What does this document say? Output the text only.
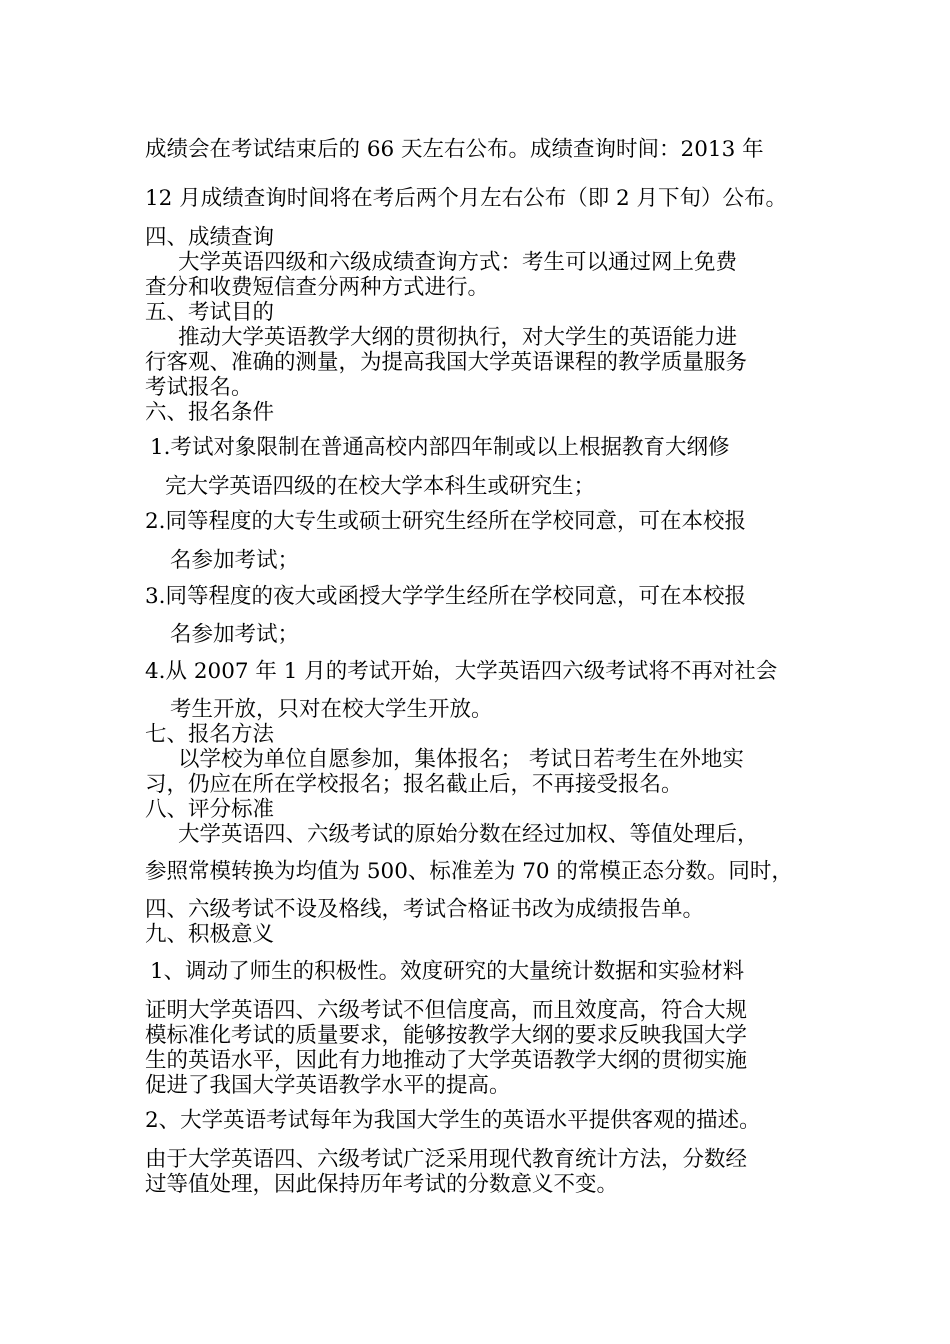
成绩会在考试结束后的 66 天左右公布。成绩查询时间：2013 年
12 月成绩查询时间将在考后两个月左右公布（即 2 月下旬）公布。
四、成绩查询
大学英语四级和六级成绩查询方式：考生可以通过网上免费
查分和收费短信查分两种方式进行。
五、考试目的
推动大学英语教学大纲的贯彻执行，对大学生的英语能力进
行客观、准确的测量，为提高我国大学英语课程的教学质量服务
考试报名。
六、报名条件
1.考试对象限制在普通高校内部四年制或以上根据教育大纲修
完大学英语四级的在校大学本科生或研究生；
2.同等程度的大专生或硕士研究生经所在学校同意，可在本校报
名参加考试；
3.同等程度的夜大或函授大学学生经所在学校同意，可在本校报
名参加考试；
4.从 2007 年 1 月的考试开始，大学英语四六级考试将不再对社会
考生开放，只对在校大学生开放。
七、报名方法
以学校为单位自愿参加，集体报名； 考试日若考生在外地实
习，仍应在所在学校报名；报名截止后，不再接受报名。
八、评分标准
大学英语四、六级考试的原始分数在经过加权、等值处理后，
参照常模转换为均值为 500、标准差为 70 的常模正态分数。同时，
四、六级考试不设及格线，考试合格证书改为成绩报告单。
九、积极意义
1、调动了师生的积极性。效度研究的大量统计数据和实验材料
证明大学英语四、六级考试不但信度高，而且效度高，符合大规
模标准化考试的质量要求，能够按教学大纲的要求反映我国大学
生的英语水平，因此有力地推动了大学英语教学大纲的贯彻实施
促进了我国大学英语教学水平的提高。
2、大学英语考试每年为我国大学生的英语水平提供客观的描述。
由于大学英语四、六级考试广泛采用现代教育统计方法，分数经
过等值处理，因此保持历年考试的分数意义不变。
